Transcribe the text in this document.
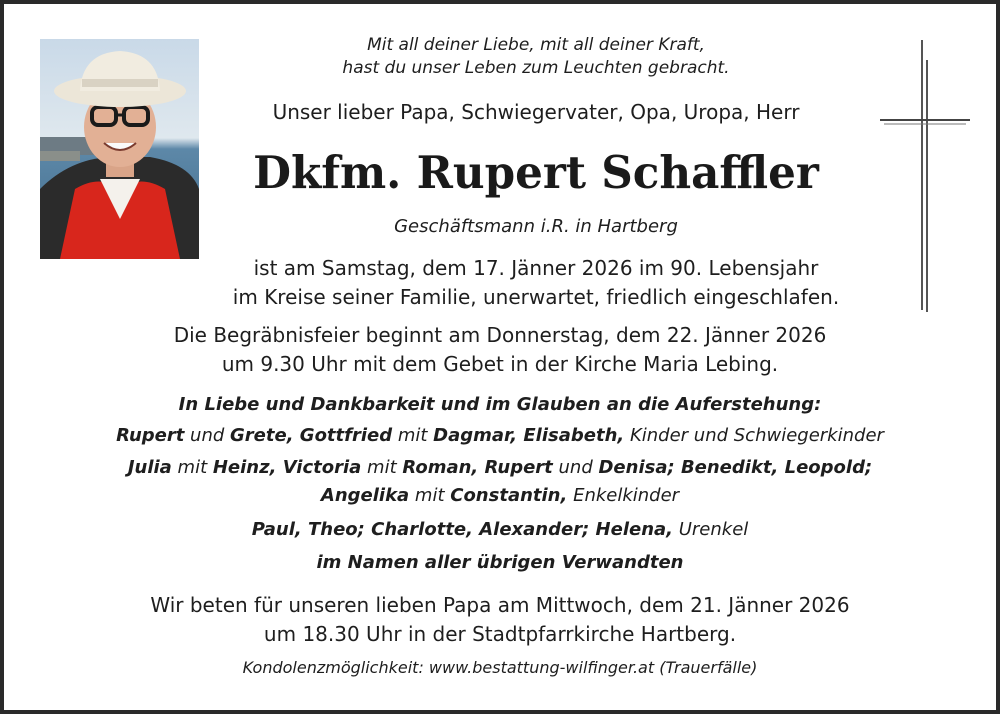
Mit all deiner Liebe, mit all deiner Kraft,
hast du unser Leben zum Leuchten gebracht.
Unser lieber Papa, Schwiegervater, Opa, Uropa, Herr
Dkfm. Rupert Schaffler
Geschäftsmann i.R. in Hartberg
ist am Samstag, dem 17. Jänner 2026 im 90. Lebensjahr
im Kreise seiner Familie, unerwartet, friedlich eingeschlafen.
Die Begräbnisfeier beginnt am Donnerstag, dem 22. Jänner 2026
um 9.30 Uhr mit dem Gebet in der Kirche Maria Lebing.
In Liebe und Dankbarkeit und im Glauben an die Auferstehung:
Rupert und Grete, Gottfried mit Dagmar, Elisabeth, Kinder und Schwiegerkinder
Julia mit Heinz, Victoria mit Roman, Rupert und Denisa; Benedikt, Leopold;
Angelika mit Constantin, Enkelkinder
Paul, Theo; Charlotte, Alexander; Helena, Urenkel
im Namen aller übrigen Verwandten
Wir beten für unseren lieben Papa am Mittwoch, dem 21. Jänner 2026
um 18.30 Uhr in der Stadtpfarrkirche Hartberg.
Kondolenzmöglichkeit: www.bestattung-wilfinger.at (Trauerfälle)
